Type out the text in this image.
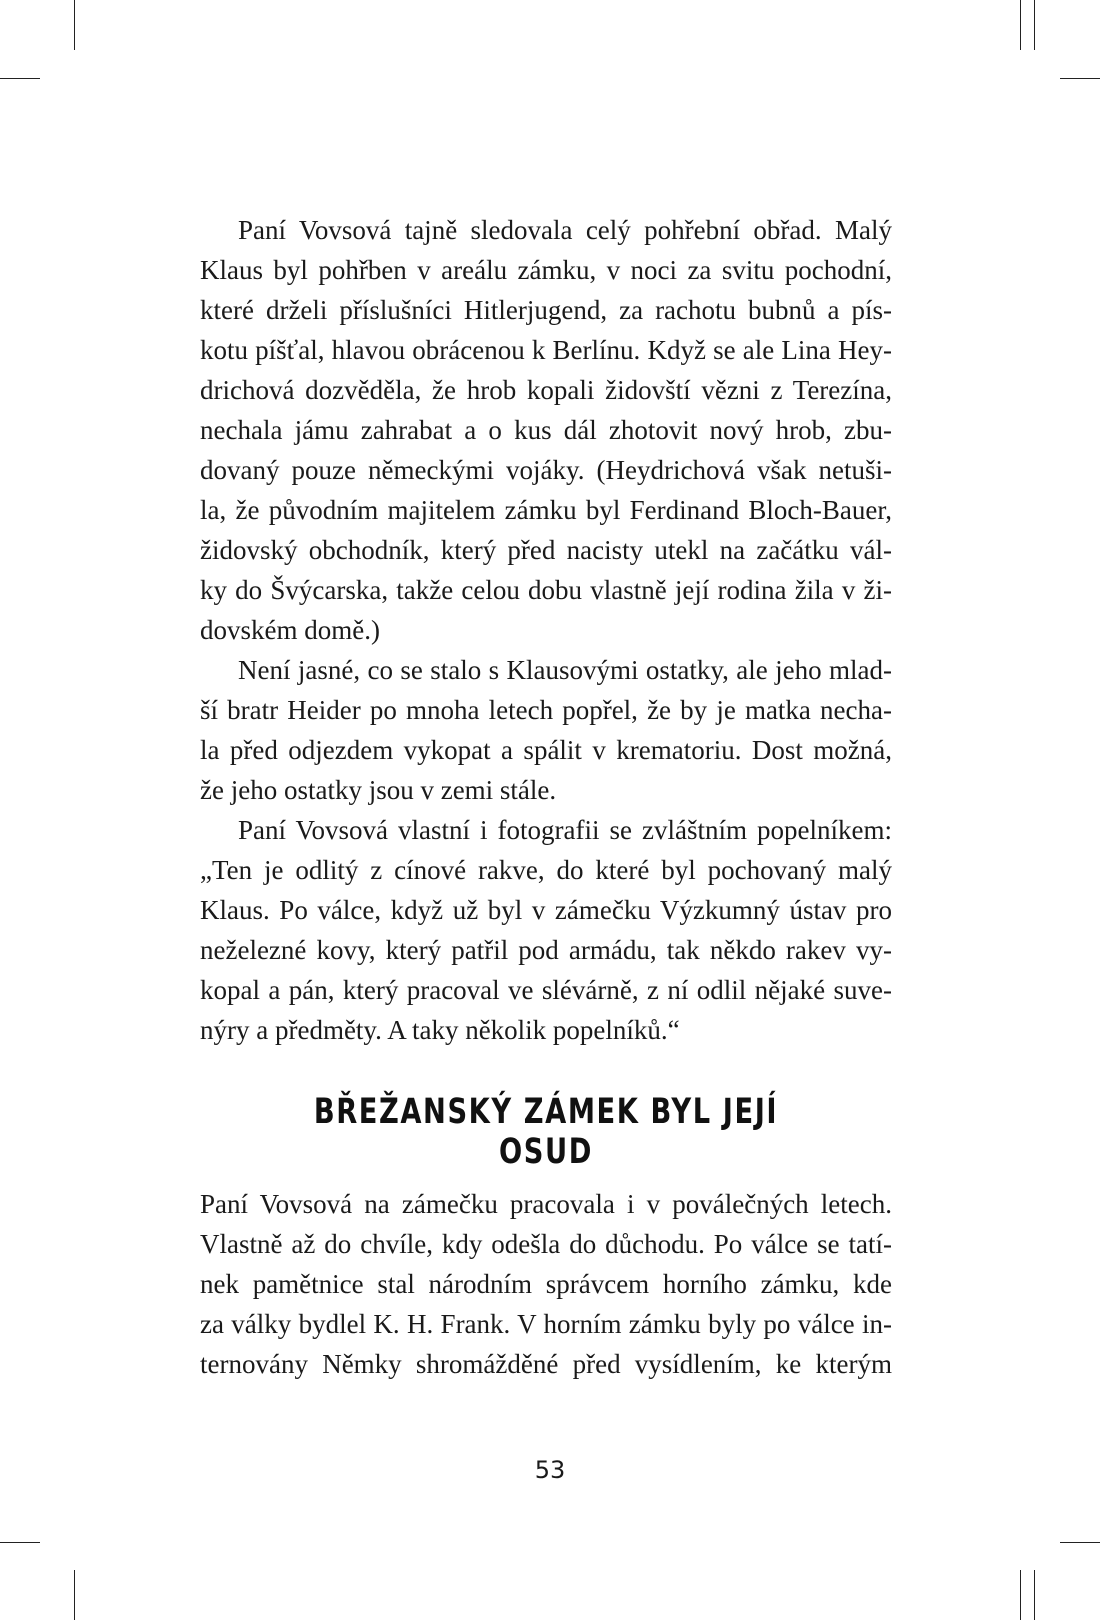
Paní Vovsová tajně sledovala celý pohřební obřad. Malý
Klaus byl pohřben v areálu zámku, v noci za svitu pochodní,
které drželi příslušníci Hitlerjugend, za rachotu bubnů a pís-
kotu píšťal, hlavou obrácenou k Berlínu. Když se ale Lina Hey-
drichová dozvěděla, že hrob kopali židovští vězni z Terezína,
nechala jámu zahrabat a o kus dál zhotovit nový hrob, zbu-
dovaný pouze německými vojáky. (Heydrichová však netuši-
la, že původním majitelem zámku byl Ferdinand Bloch-Bauer,
židovský obchodník, který před nacisty utekl na začátku vál-
ky do Švýcarska, takže celou dobu vlastně její rodina žila v ži-
dovském domě.)
Není jasné, co se stalo s Klausovými ostatky, ale jeho mlad-
ší bratr Heider po mnoha letech popřel, že by je matka necha-
la před odjezdem vykopat a spálit v krematoriu. Dost možná,
že jeho ostatky jsou v zemi stále.
Paní Vovsová vlastní i fotografii se zvláštním popelníkem:
„Ten je odlitý z cínové rakve, do které byl pochovaný malý
Klaus. Po válce, když už byl v zámečku Výzkumný ústav pro
neželezné kovy, který patřil pod armádu, tak někdo rakev vy-
kopal a pán, který pracoval ve slévárně, z ní odlil nějaké suve-
nýry a předměty. A taky několik popelníků.“
BŘEŽANSKÝ ZÁMEK BYL JEJÍ OSUD
Paní Vovsová na zámečku pracovala i v poválečných letech.
Vlastně až do chvíle, kdy odešla do důchodu. Po válce se tatí-
nek pamětnice stal národním správcem horního zámku, kde
za války bydlel K. H. Frank. V horním zámku byly po válce in-
ternovány Němky shromážděné před vysídlením, ke kterým
53
